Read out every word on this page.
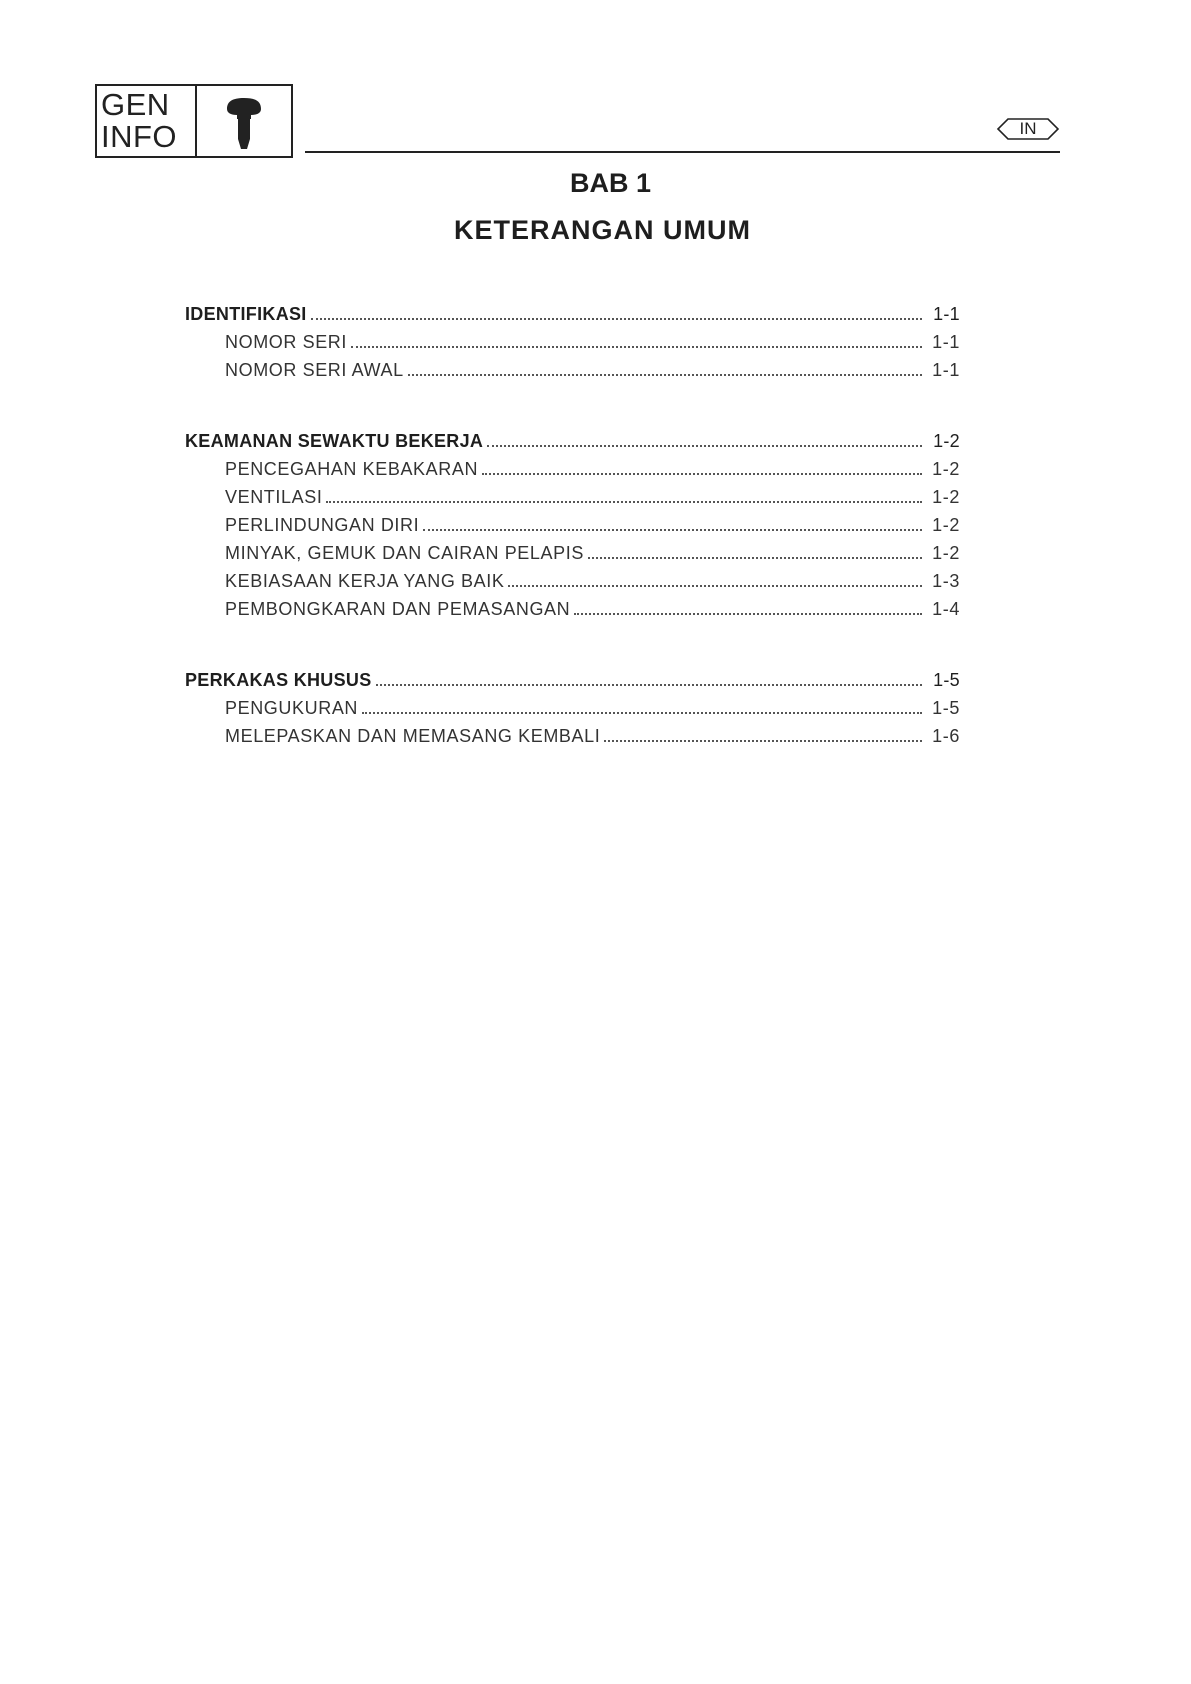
GEN
INFO	IN
BAB 1
KETERANGAN UMUM
IDENTIFIKASI	1-1
NOMOR SERI	1-1
NOMOR SERI AWAL	1-1
KEAMANAN SEWAKTU BEKERJA	1-2
PENCEGAHAN KEBAKARAN	1-2
VENTILASI	1-2
PERLINDUNGAN DIRI	1-2
MINYAK, GEMUK DAN CAIRAN PELAPIS	1-2
KEBIASAAN KERJA YANG BAIK	1-3
PEMBONGKARAN DAN PEMASANGAN	1-4
PERKAKAS KHUSUS	1-5
PENGUKURAN	1-5
MELEPASKAN DAN MEMASANG KEMBALI	1-6
